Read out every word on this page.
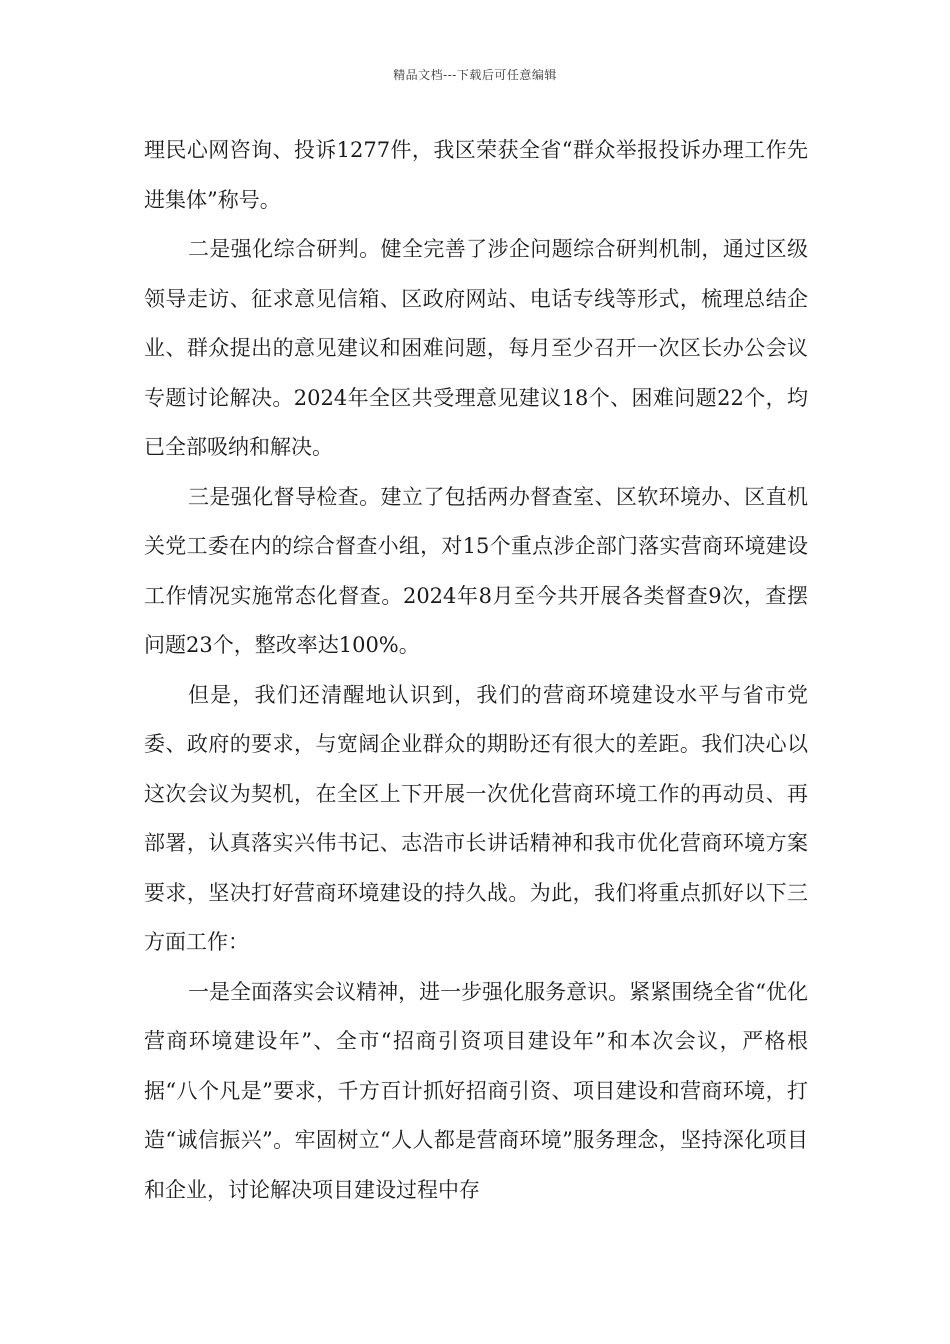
精品文档---下载后可任意编辑

理民心网咨询、投诉1277件，我区荣获全省“群众举报投诉办理工作先进集体”称号。

二是强化综合研判。健全完善了涉企问题综合研判机制，通过区级领导走访、征求意见信箱、区政府网站、电话专线等形式，梳理总结企业、群众提出的意见建议和困难问题，每月至少召开一次区长办公会议专题讨论解决。2024年全区共受理意见建议18个、困难问题22个，均已全部吸纳和解决。

三是强化督导检查。建立了包括两办督查室、区软环境办、区直机关党工委在内的综合督查小组，对15个重点涉企部门落实营商环境建设工作情况实施常态化督查。2024年8月至今共开展各类督查9次，查摆问题23个，整改率达100%。

但是，我们还清醒地认识到，我们的营商环境建设水平与省市党委、政府的要求，与宽阔企业群众的期盼还有很大的差距。我们决心以这次会议为契机，在全区上下开展一次优化营商环境工作的再动员、再部署，认真落实兴伟书记、志浩市长讲话精神和我市优化营商环境方案要求，坚决打好营商环境建设的持久战。为此，我们将重点抓好以下三方面工作：

一是全面落实会议精神，进一步强化服务意识。紧紧围绕全省“优化营商环境建设年”、全市“招商引资项目建设年”和本次会议，严格根据“八个凡是”要求，千方百计抓好招商引资、项目建设和营商环境，打造“诚信振兴”。牢固树立“人人都是营商环境”服务理念，坚持深化项目和企业，讨论解决项目建设过程中存
